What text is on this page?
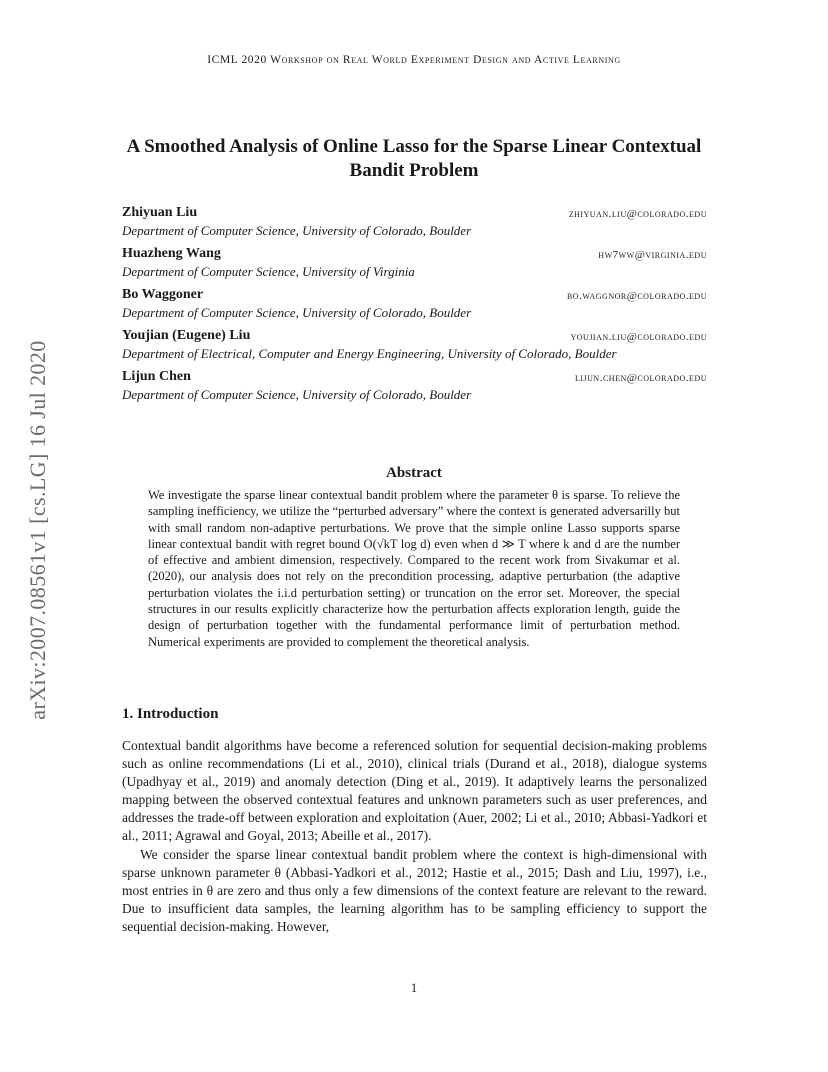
ICML 2020 Workshop on Real World Experiment Design and Active Learning
A Smoothed Analysis of Online Lasso for the Sparse Linear Contextual Bandit Problem
Zhiyuan Liu	zhiyuan.liu@colorado.edu
Department of Computer Science, University of Colorado, Boulder
Huazheng Wang	hw7ww@virginia.edu
Department of Computer Science, University of Virginia
Bo Waggoner	bo.waggnor@colorado.edu
Department of Computer Science, University of Colorado, Boulder
Youjian (Eugene) Liu	youjian.liu@colorado.edu
Department of Electrical, Computer and Energy Engineering, University of Colorado, Boulder
Lijun Chen	lijun.chen@colorado.edu
Department of Computer Science, University of Colorado, Boulder
arXiv:2007.08561v1 [cs.LG] 16 Jul 2020	Abstract
We investigate the sparse linear contextual bandit problem where the parameter θ is sparse. To relieve the sampling inefficiency, we utilize the “perturbed adversary” where the context is generated adversarilly but with small random non-adaptive perturbations. We prove that the simple online Lasso supports sparse linear contextual bandit with regret bound O(√kT log d) even when d ≫ T where k and d are the number of effective and ambient dimension, respectively. Compared to the recent work from Sivakumar et al. (2020), our analysis does not rely on the precondition processing, adaptive perturbation (the adaptive perturbation violates the i.i.d perturbation setting) or truncation on the error set. Moreover, the special structures in our results explicitly characterize how the perturbation affects exploration length, guide the design of perturbation together with the fundamental performance limit of perturbation method. Numerical experiments are provided to complement the theoretical analysis.
1. Introduction

Contextual bandit algorithms have become a referenced solution for sequential decision-making problems such as online recommendations (Li et al., 2010), clinical trials (Durand et al., 2018), dialogue systems (Upadhyay et al., 2019) and anomaly detection (Ding et al., 2019). It adaptively learns the personalized mapping between the observed contextual features and unknown parameters such as user preferences, and addresses the trade-off between exploration and exploitation (Auer, 2002; Li et al., 2010; Abbasi-Yadkori et al., 2011; Agrawal and Goyal, 2013; Abeille et al., 2017).

We consider the sparse linear contextual bandit problem where the context is high-dimensional with sparse unknown parameter θ (Abbasi-Yadkori et al., 2012; Hastie et al., 2015; Dash and Liu, 1997), i.e., most entries in θ are zero and thus only a few dimensions of the context feature are relevant to the reward. Due to insufficient data samples, the learning algorithm has to be sampling efficiency to support the sequential decision-making. However,

1
